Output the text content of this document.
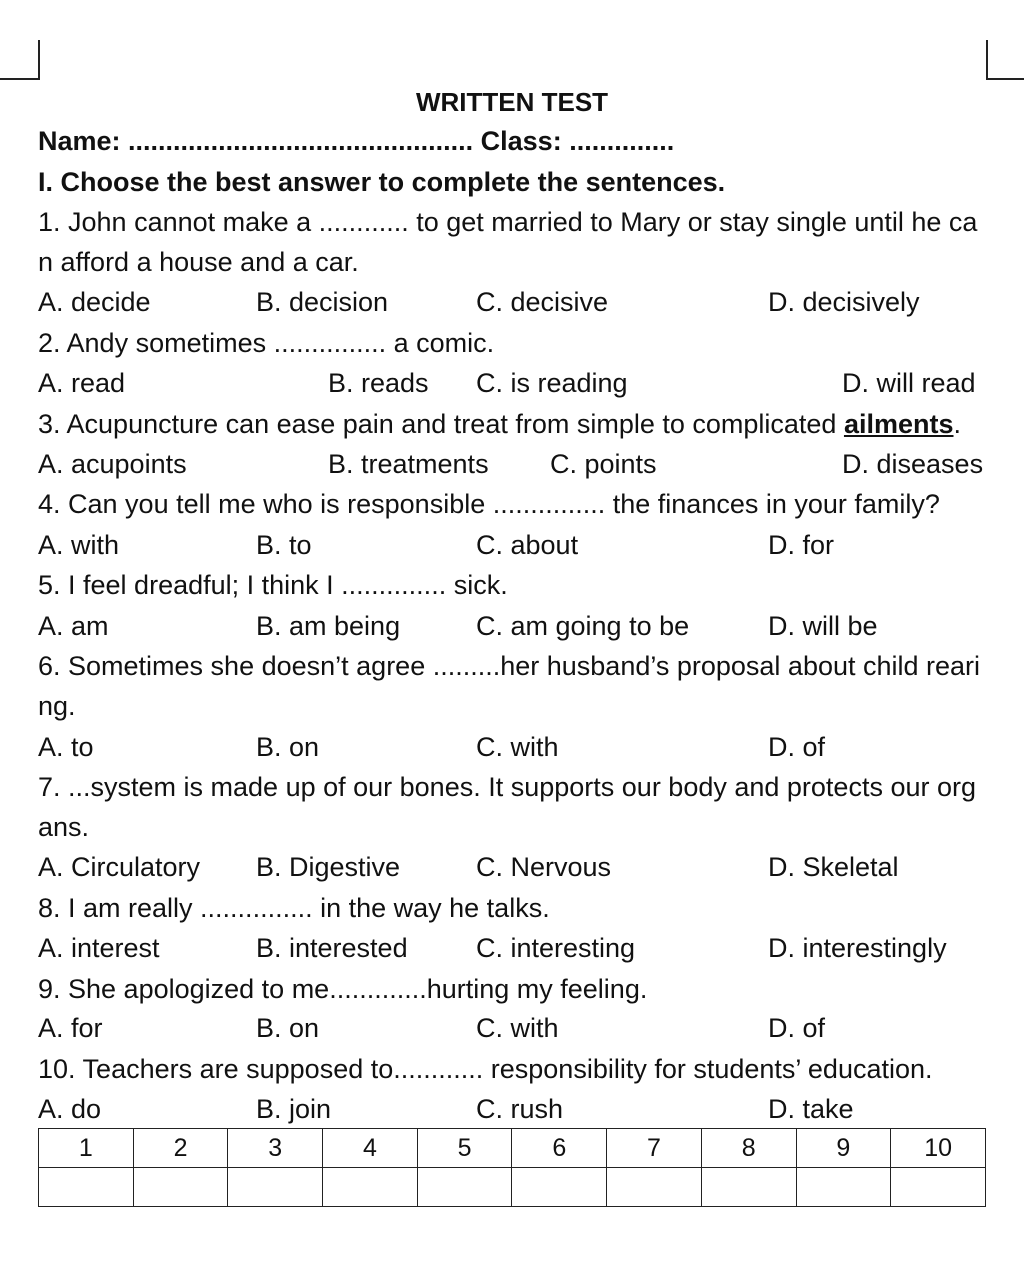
WRITTEN TEST
Name: .............................................. Class: ..............
I. Choose the best answer to complete the sentences.
1. John cannot make a ............ to get married to Mary or stay single until he ca
n afford a house and a car.
A. decide	B. decision	C. decisive	D. decisively
2. Andy sometimes ............... a comic.
A. read	B. reads C. is reading	D. will read
3. Acupuncture can ease pain and treat from simple to complicated ailments.
A. acupoints	B. treatments C. points	D. diseases
4. Can you tell me who is responsible ............... the finances in your family?
A. with	B. to	C. about	D. for
5. I feel dreadful; I think I .............. sick.
A. am	B. am being	C. am going to be	D. will be
6. Sometimes she doesn’t agree .........her husband’s proposal about child reari
ng.
A. to	B. on	C. with	D. of
7. ...system is made up of our bones. It supports our body and protects our org
ans.
A. Circulatory B. Digestive	C. Nervous	D. Skeletal
8. I am really ............... in the way he talks.
A. interest	B. interested	C. interesting	D. interestingly
9. She apologized to me.............hurting my feeling.
A. for	B. on	C. with	D. of
10. Teachers are supposed to............ responsibility for students’ education.
A. do	B. join	C. rush	D. take
1	2	3	4	5	6	7	8	9	10
